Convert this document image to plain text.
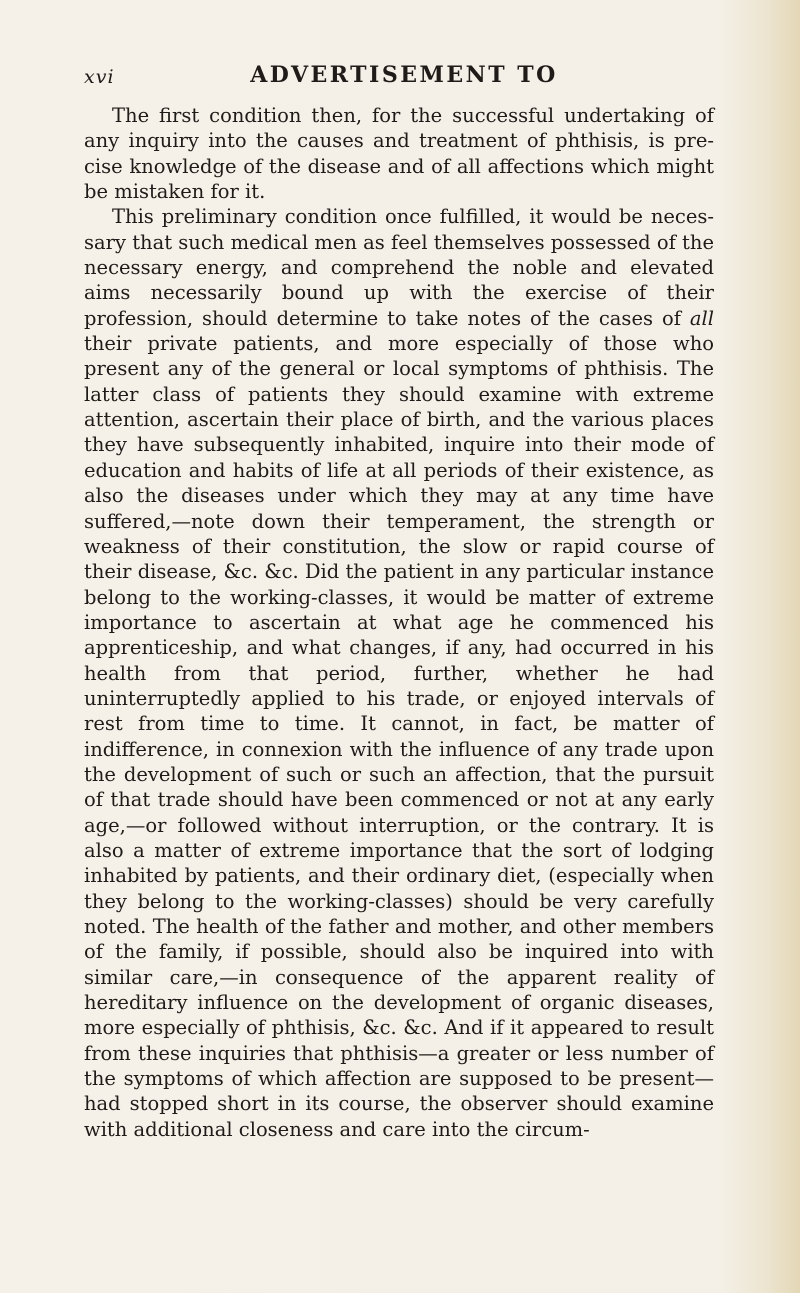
xvi	ADVERTISEMENT TO

The first condition then, for the successful undertaking of any inquiry into the causes and treatment of phthisis, is precise knowledge of the disease and of all affections which might be mistaken for it.

This preliminary condition once fulfilled, it would be necessary that such medical men as feel themselves possessed of the necessary energy, and comprehend the noble and elevated aims necessarily bound up with the exercise of their profession, should determine to take notes of the cases of all their private patients, and more especially of those who present any of the general or local symptoms of phthisis. The latter class of patients they should examine with extreme attention, ascertain their place of birth, and the various places they have subsequently inhabited, inquire into their mode of education and habits of life at all periods of their existence, as also the diseases under which they may at any time have suffered,—note down their temperament, the strength or weakness of their constitution, the slow or rapid course of their disease, &c. &c. Did the patient in any particular instance belong to the working-classes, it would be matter of extreme importance to ascertain at what age he commenced his apprenticeship, and what changes, if any, had occurred in his health from that period, further, whether he had uninterruptedly applied to his trade, or enjoyed intervals of rest from time to time. It cannot, in fact, be matter of indifference, in connexion with the influence of any trade upon the development of such or such an affection, that the pursuit of that trade should have been commenced or not at any early age,—or followed without interruption, or the contrary. It is also a matter of extreme importance that the sort of lodging inhabited by patients, and their ordinary diet, (especially when they belong to the working-classes) should be very carefully noted. The health of the father and mother, and other members of the family, if possible, should also be inquired into with similar care,—in consequence of the apparent reality of hereditary influence on the development of organic diseases, more especially of phthisis, &c. &c. And if it appeared to result from these inquiries that phthisis—a greater or less number of the symptoms of which affection are supposed to be present—had stopped short in its course, the observer should examine with additional closeness and care into the circum-
